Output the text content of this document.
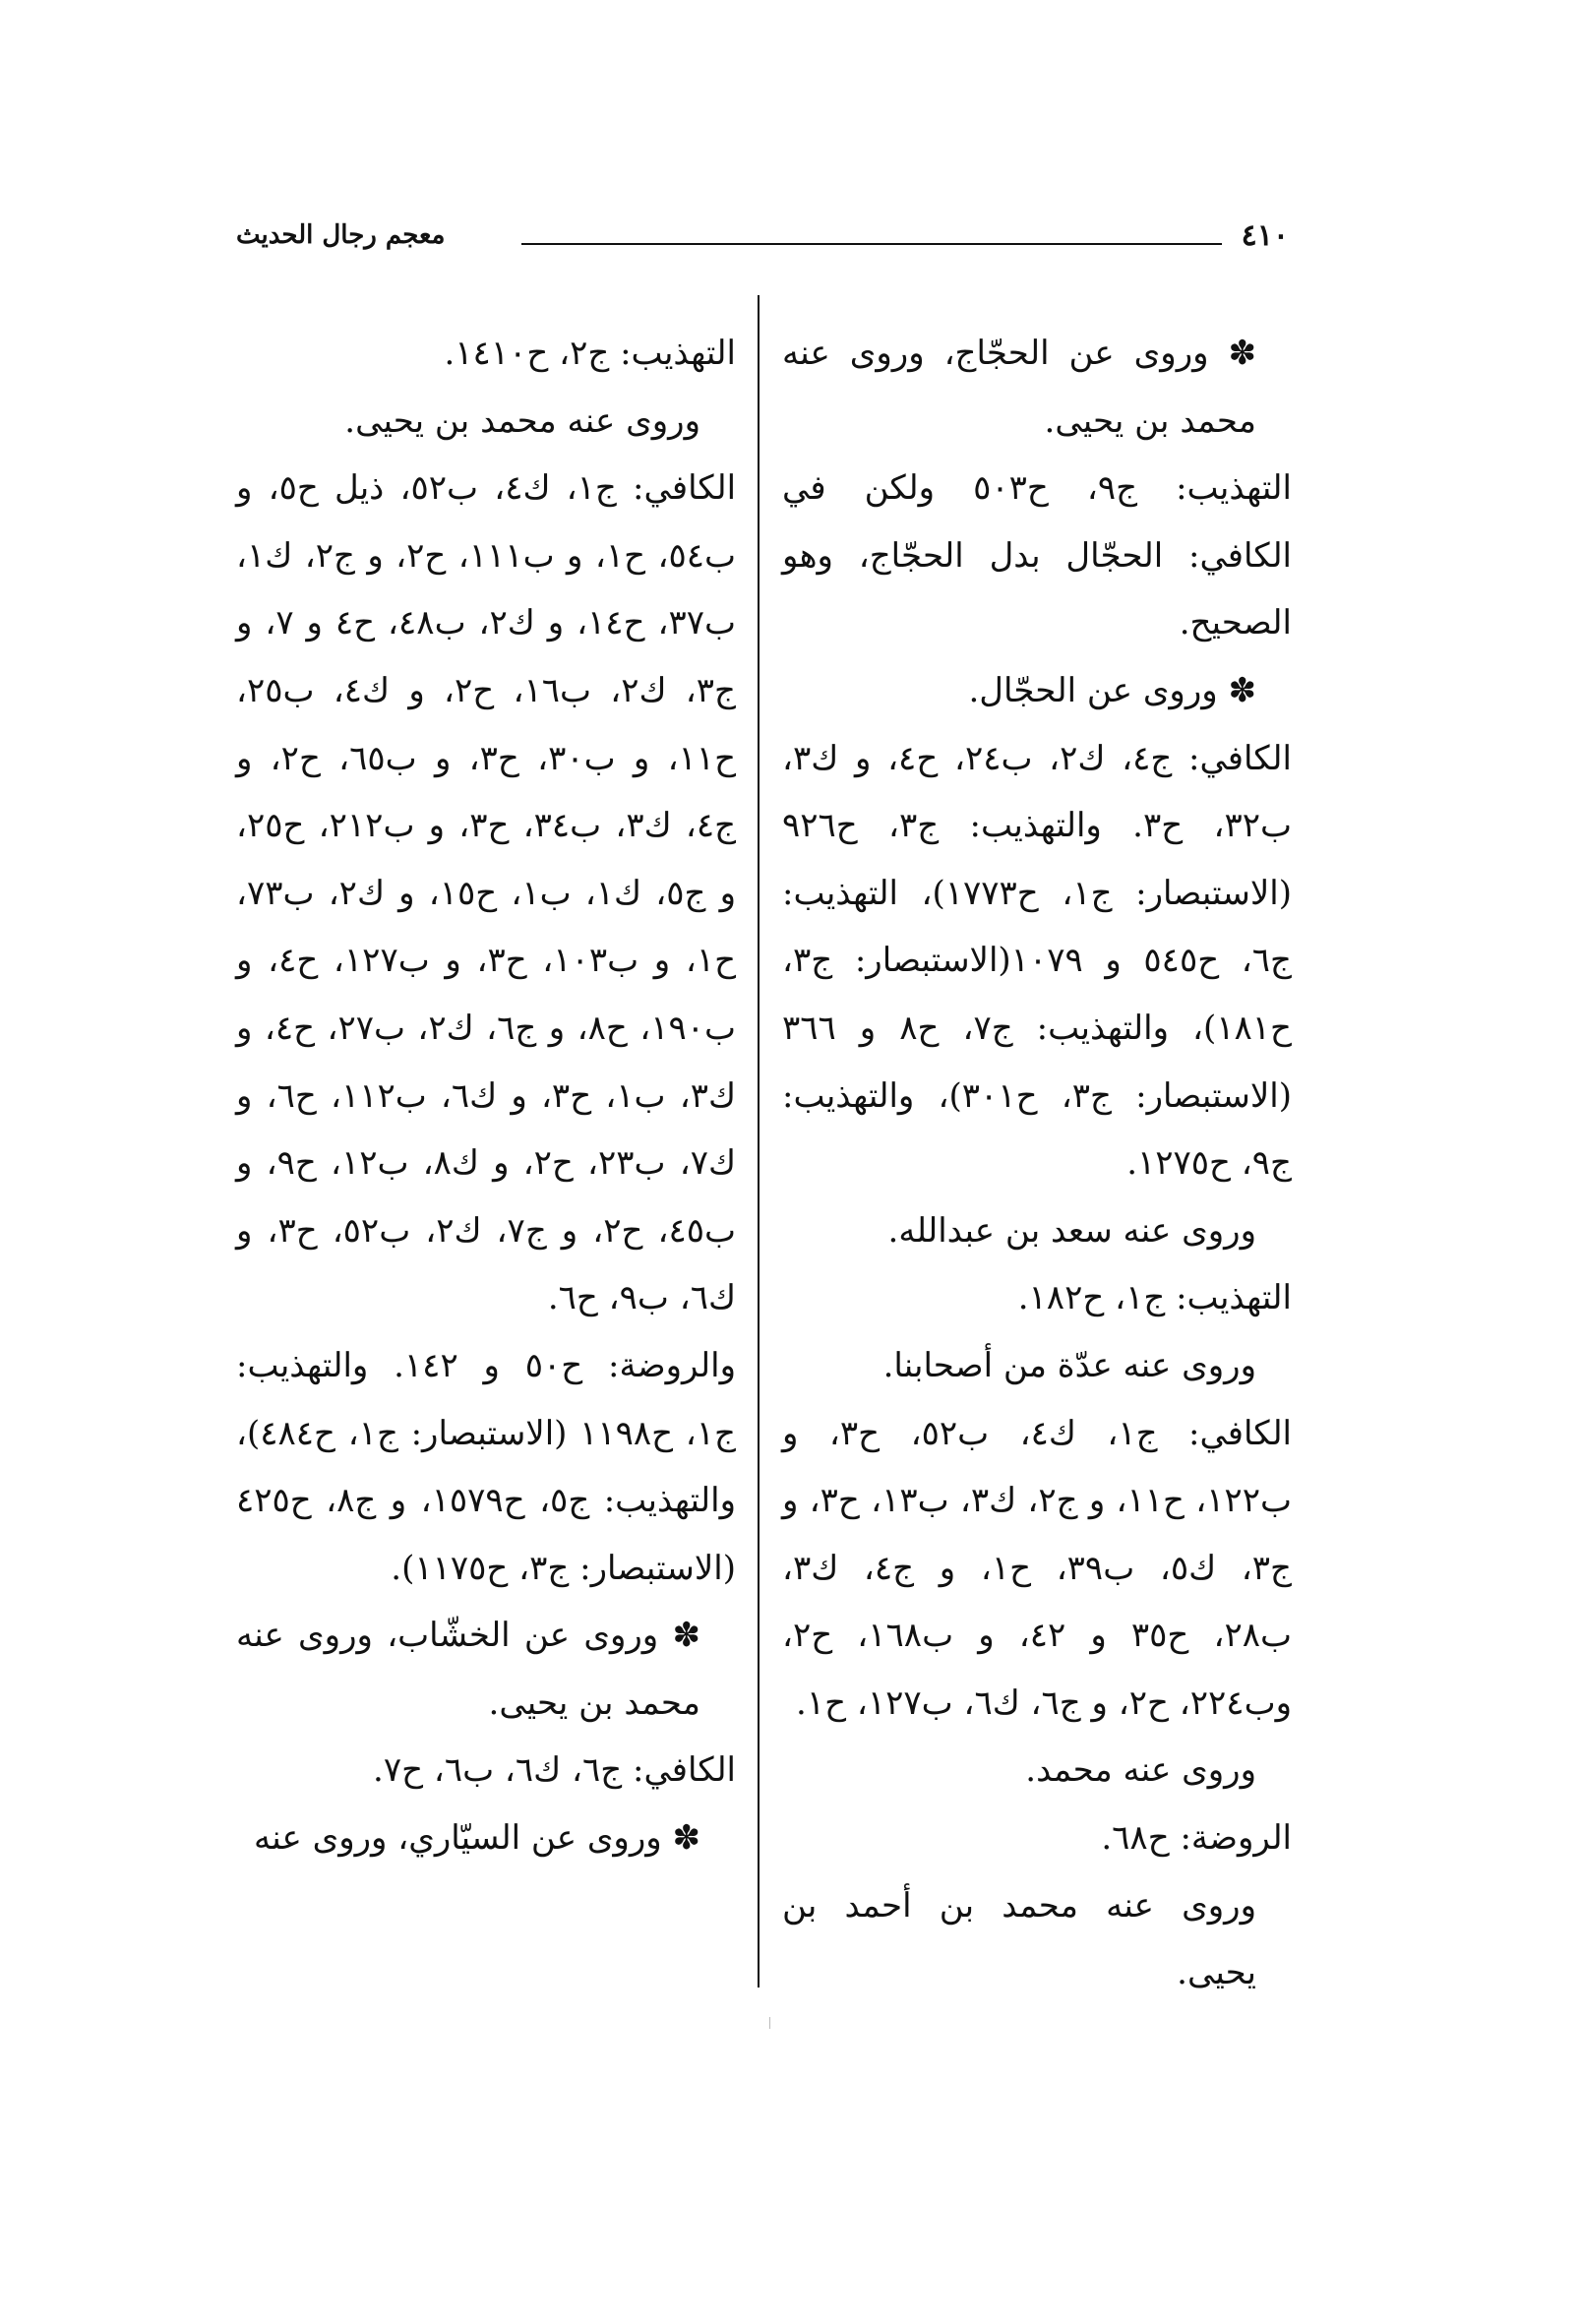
٤١٠
معجم رجال الحديث

✽ وروى عن الحجّاج، وروى عنه محمد بن يحيى.

التهذيب: ج٩، ح٥٠٣ ولكن في الكافي: الحجّال بدل الحجّاج، وهو الصحيح.

✽ وروى عن الحجّال.

الكافي: ج٤، ك٢، ب٢٤، ح٤، و ك٣، ب٣٢، ح٣. والتهذيب: ج٣، ح٩٢٦ (الاستبصار: ج١، ح١٧٧٣)، التهذيب: ج٦، ح٥٤٥ و ١٠٧٩(الاستبصار: ج٣، ح١٨١)، والتهذيب: ج٧، ح٨ و ٣٦٦ (الاستبصار: ج٣، ح٣٠١)، والتهذيب: ج٩، ح١٢٧٥.

وروى عنه سعد بن عبدالله.

التهذيب: ج١، ح١٨٢.

وروى عنه عدّة من أصحابنا.

الكافي: ج١، ك٤، ب٥٢، ح٣، و ب١٢٢، ح١١، و ج٢، ك٣، ب١٣، ح٣، و ج٣، ك٥، ب٣٩، ح١، و ج٤، ك٣، ب٢٨، ح٣٥ و ٤٢، و ب١٦٨، ح٢، وب٢٢٤، ح٢، و ج٦، ك٦، ب١٢٧، ح١.

وروى عنه محمد.

الروضة: ح٦٨.

وروى عنه محمد بن أحمد بن يحيى.

التهذيب: ج٢، ح١٤١٠.

وروى عنه محمد بن يحيى.

الكافي: ج١، ك٤، ب٥٢، ذيل ح٥، و ب٥٤، ح١، و ب١١١، ح٢، و ج٢، ك١، ب٣٧، ح١٤، و ك٢، ب٤٨، ح٤ و ٧، و ج٣، ك٢، ب١٦، ح٢، و ك٤، ب٢٥، ح١١، و ب٣٠، ح٣، و ب٦٥، ح٢، و ج٤، ك٣، ب٣٤، ح٣، و ب٢١٢، ح٢٥، و ج٥، ك١، ب١، ح١٥، و ك٢، ب٧٣، ح١، و ب١٠٣، ح٣، و ب١٢٧، ح٤، و ب١٩٠، ح٨، و ج٦، ك٢، ب٢٧، ح٤، و ك٣، ب١، ح٣، و ك٦، ب١١٢، ح٦، و ك٧، ب٢٣، ح٢، و ك٨، ب١٢، ح٩، و ب٤٥، ح٢، و ج٧، ك٢، ب٥٢، ح٣، و ك٦، ب٩، ح٦.

والروضة: ح٥٠ و ١٤٢. والتهذيب: ج١، ح١١٩٨ (الاستبصار: ج١، ح٤٨٤)، والتهذيب: ج٥، ح١٥٧٩، و ج٨، ح٤٢٥ (الاستبصار: ج٣، ح١١٧٥).

✽ وروى عن الخشّاب، وروى عنه محمد بن يحيى.

الكافي: ج٦، ك٦، ب٦، ح٧.

✽ وروى عن السيّاري، وروى عنه
